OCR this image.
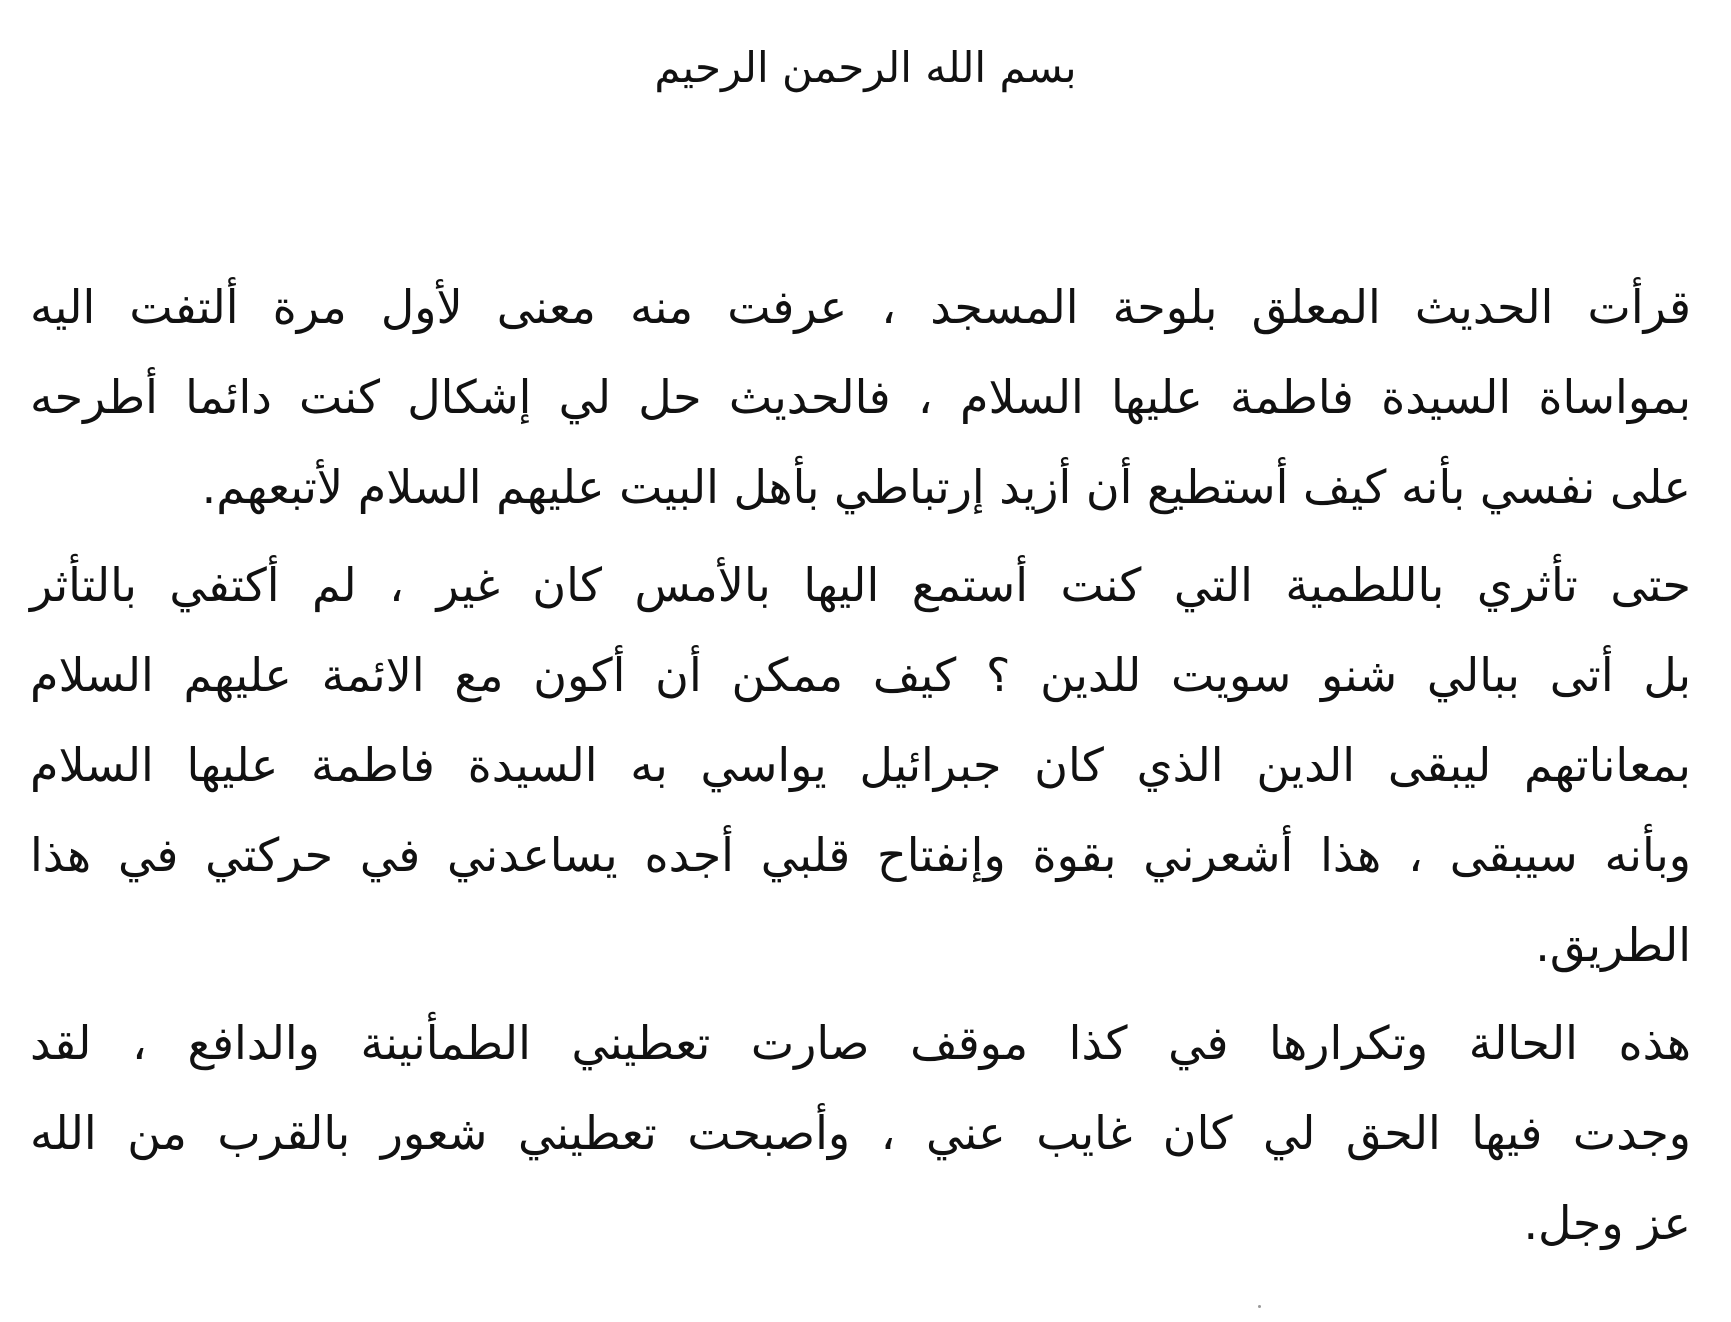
بسم الله الرحمن الرحيم
قرأت الحديث المعلق بلوحة المسجد ، عرفت منه معنى لأول مرة ألتفت اليه
بمواساة السيدة فاطمة عليها السلام ، فالحديث حل لي إشكال كنت دائما أطرحه
على نفسي بأنه كيف أستطيع أن أزيد إرتباطي بأهل البيت عليهم السلام لأتبعهم.
حتى تأثري باللطمية التي كنت أستمع اليها بالأمس كان غير ، لم أكتفي بالتأثر
بل أتى ببالي شنو سويت للدين ؟ كيف ممكن أن أكون مع الائمة عليهم السلام
بمعاناتهم ليبقى الدين الذي كان جبرائيل يواسي به السيدة فاطمة عليها السلام
وبأنه سيبقى ، هذا أشعرني بقوة وإنفتاح قلبي أجده يساعدني في حركتي في هذا
الطريق.
هذه الحالة وتكرارها في كذا موقف صارت تعطيني الطمأنينة والدافع ، لقد
وجدت فيها الحق لي كان غايب عني ، وأصبحت تعطيني شعور بالقرب من الله
عز وجل.
